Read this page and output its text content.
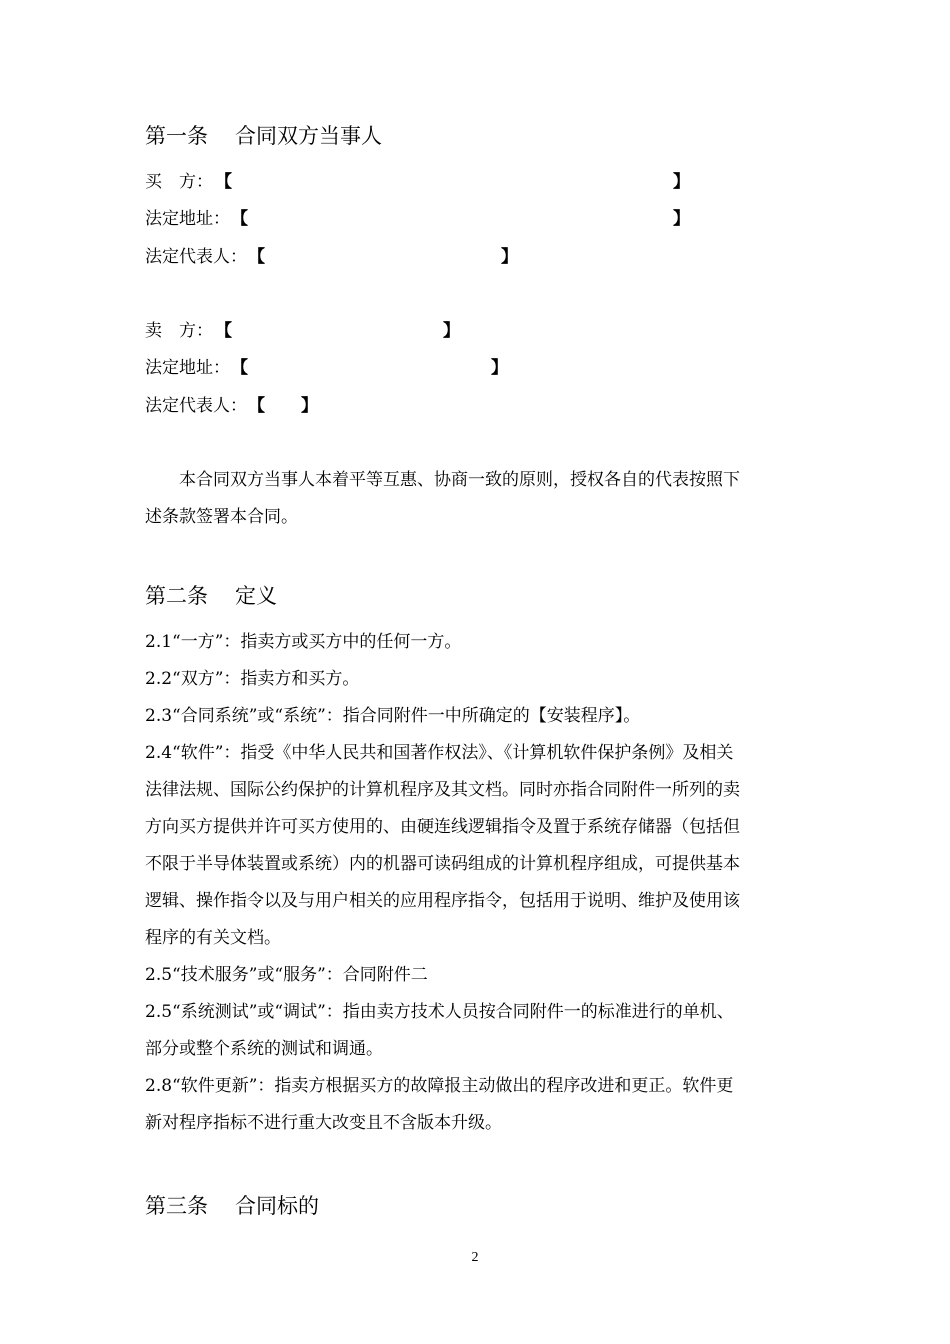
第一条 合同双方当事人
买　方： 【	】
法定地址： 【	】
法定代表人： 【	】
卖　方： 【	】
法定地址： 【	】
法定代表人： 【 】
　　本合同双方当事人本着平等互惠、协商一致的原则，授权各自的代表按照下
述条款签署本合同。
第二条 定义
2.1“一方”：指卖方或买方中的任何一方。
2.2“双方”：指卖方和买方。
2.3“合同系统”或“系统”：指合同附件一中所确定的【安装程序】。
2.4“软件”：指受《中华人民共和国著作权法》、《计算机软件保护条例》及相关
法律法规、国际公约保护的计算机程序及其文档。同时亦指合同附件一所列的卖
方向买方提供并许可买方使用的、由硬连线逻辑指令及置于系统存储器（包括但
不限于半导体装置或系统）内的机器可读码组成的计算机程序组成，可提供基本
逻辑、操作指令以及与用户相关的应用程序指令，包括用于说明、维护及使用该
程序的有关文档。
2.5“技术服务”或“服务”：合同附件二
2.5“系统测试”或“调试”：指由卖方技术人员按合同附件一的标准进行的单机、
部分或整个系统的测试和调通。
2.8“软件更新”：指卖方根据买方的故障报主动做出的程序改进和更正。软件更
新对程序指标不进行重大改变且不含版本升级。
第三条 合同标的
2
